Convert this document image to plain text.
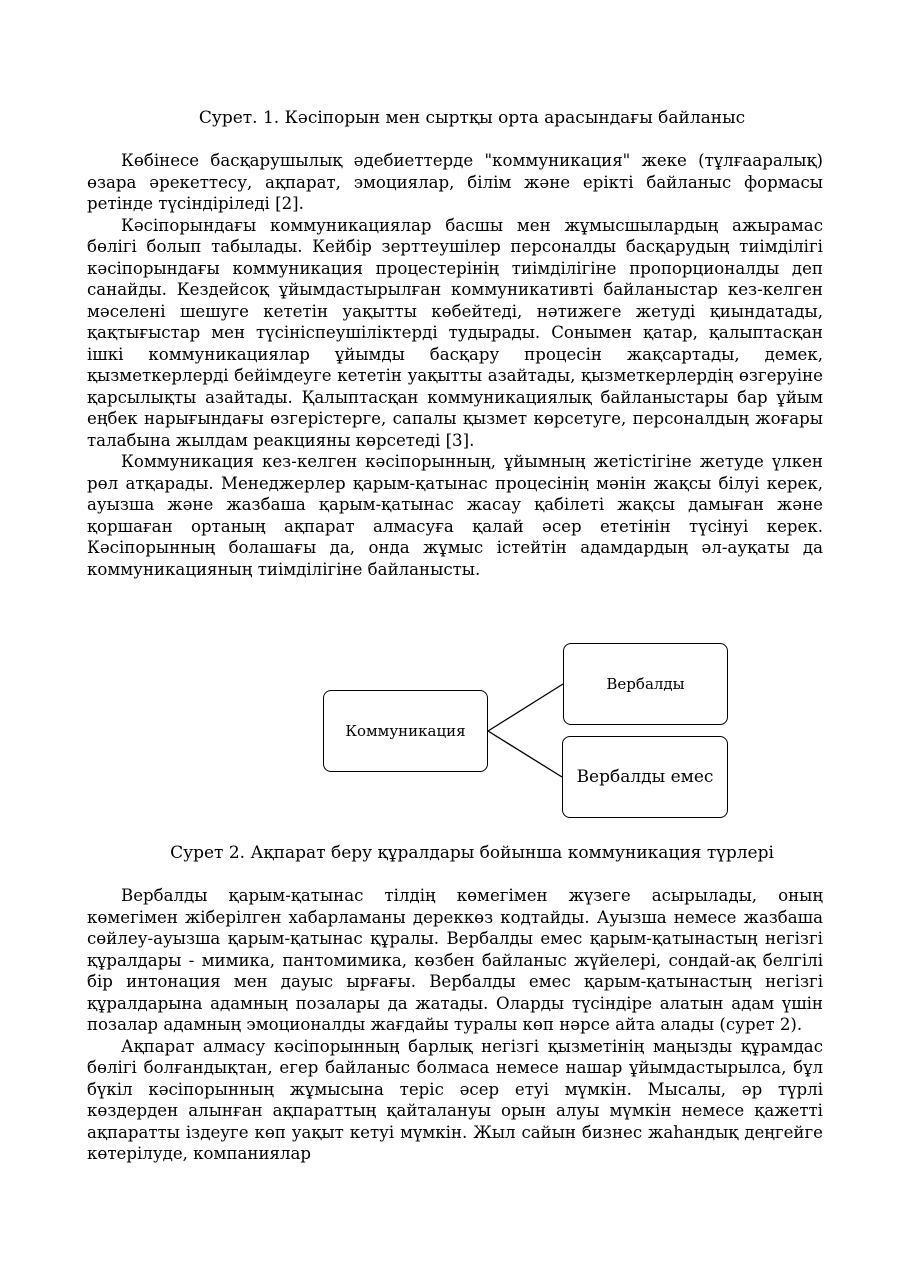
Сурет. 1. Кәсіпорын мен сыртқы орта арасындағы байланыс

Көбінесе басқарушылық әдебиеттерде "коммуникация" жеке (тұлғааралық) өзара әрекеттесу, ақпарат, эмоциялар, білім және еріктi байланыс формасы ретінде түсіндіріледі [2].

Кәсіпорындағы коммуникациялар басшы мен жұмысшылардың ажырамас бөлігі болып табылады. Кейбір зерттеушілер персоналды басқарудың тиімділігі кәсіпорындағы коммуникация процестерінің тиімділігіне пропорционалды деп санайды. Кездейсоқ ұйымдастырылған коммуникативті байланыстар кез-келген мәселені шешуге кететін уақытты көбейтеді, нәтижеге жетуді қиындатады, қақтығыстар мен түсініспеушіліктерді тудырады. Сонымен қатар, қалыптасқан ішкі коммуникациялар ұйымды басқару процесін жақсартады, демек, қызметкерлерді бейімдеуге кететін уақытты азайтады, қызметкерлердің өзгеруіне қарсылықты азайтады. Қалыптасқан коммуникациялық байланыстары бар ұйым еңбек нарығындағы өзгерістерге, сапалы қызмет көрсетуге, персоналдың жоғары талабына жылдам реакцияны көрсетеді [3].

Коммуникация кез-келген кәсіпорынның, ұйымның жетістігіне жетуде үлкен рөл атқарады. Менеджерлер қарым-қатынас процесінің мәнін жақсы білуі керек, ауызша және жазбаша қарым-қатынас жасау қабілеті жақсы дамыған және қоршаған ортаның ақпарат алмасуға қалай әсер ететінін түсінуі керек. Кәсіпорынның болашағы да, онда жұмыс істейтін адамдардың әл-ауқаты да коммуникацияның тиімділігіне байланысты.

Коммуникация
Вербалды
Вербалды емес

Сурет 2. Ақпарат беру құралдары бойынша коммуникация түрлері

Вербалды қарым-қатынас тілдің көмегімен жүзеге асырылады, оның көмегімен жіберілген хабарламаны дереккөз кодтайды. Ауызша немесе жазбаша сөйлеу-ауызша қарым-қатынас құралы. Вербалды емес қарым-қатынастың негізгі құралдары - мимика, пантомимика, көзбен байланыс жүйелері, сондай-ақ белгілі бір интонация мен дауыс ырғағы. Вербалды емес қарым-қатынастың негізгі құралдарына адамның позалары да жатады. Оларды түсіндіре алатын адам үшін позалар адамның эмоционалды жағдайы туралы көп нәрсе айта алады (сурет 2).

Ақпарат алмасу кәсіпорынның барлық негізгі қызметінің маңызды құрамдас бөлігі болғандықтан, егер байланыс болмаса немесе нашар ұйымдастырылса, бұл бүкіл кәсіпорынның жұмысына теріс әсер етуі мүмкін. Мысалы, әр түрлі көздерден алынған ақпараттың қайталануы орын алуы мүмкін немесе қажетті ақпаратты іздеуге көп уақыт кетуі мүмкін. Жыл сайын бизнес жаһандық деңгейге көтерілуде, компаниялар
